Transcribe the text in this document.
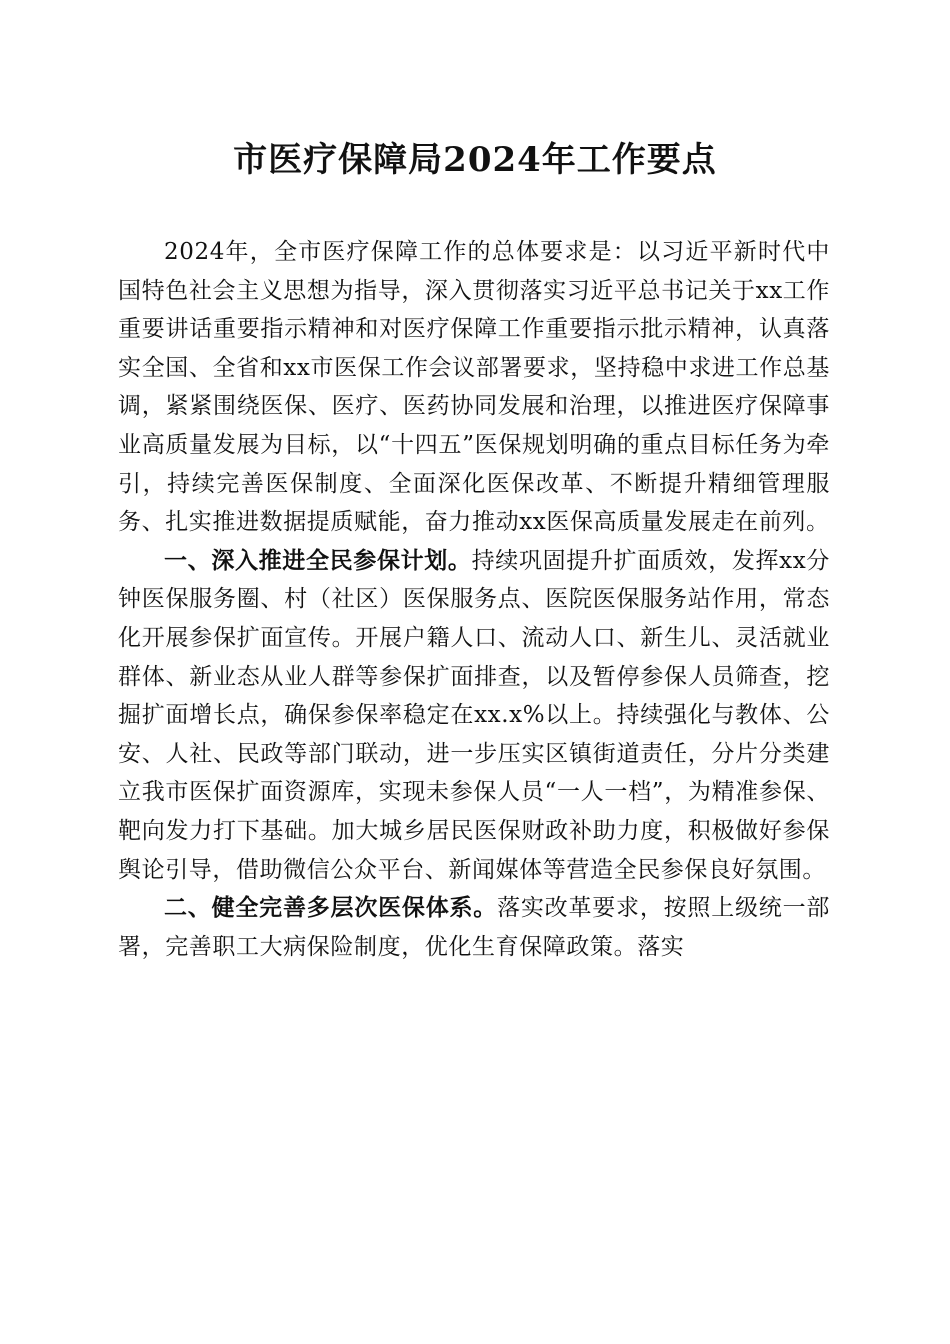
市医疗保障局2024年工作要点

2024年，全市医疗保障工作的总体要求是：以习近平新时代中国特色社会主义思想为指导，深入贯彻落实习近平总书记关于xx工作重要讲话重要指示精神和对医疗保障工作重要指示批示精神，认真落实全国、全省和xx市医保工作会议部署要求，坚持稳中求进工作总基调，紧紧围绕医保、医疗、医药协同发展和治理，以推进医疗保障事业高质量发展为目标，以“十四五”医保规划明确的重点目标任务为牵引，持续完善医保制度、全面深化医保改革、不断提升精细管理服务、扎实推进数据提质赋能，奋力推动xx医保高质量发展走在前列。

一、深入推进全民参保计划。持续巩固提升扩面质效，发挥xx分钟医保服务圈、村（社区）医保服务点、医院医保服务站作用，常态化开展参保扩面宣传。开展户籍人口、流动人口、新生儿、灵活就业群体、新业态从业人群等参保扩面排查，以及暂停参保人员筛查，挖掘扩面增长点，确保参保率稳定在xx.x%以上。持续强化与教体、公安、人社、民政等部门联动，进一步压实区镇街道责任，分片分类建立我市医保扩面资源库，实现未参保人员“一人一档”，为精准参保、靶向发力打下基础。加大城乡居民医保财政补助力度，积极做好参保舆论引导，借助微信公众平台、新闻媒体等营造全民参保良好氛围。

二、健全完善多层次医保体系。落实改革要求，按照上级统一部署，完善职工大病保险制度，优化生育保障政策。落实
